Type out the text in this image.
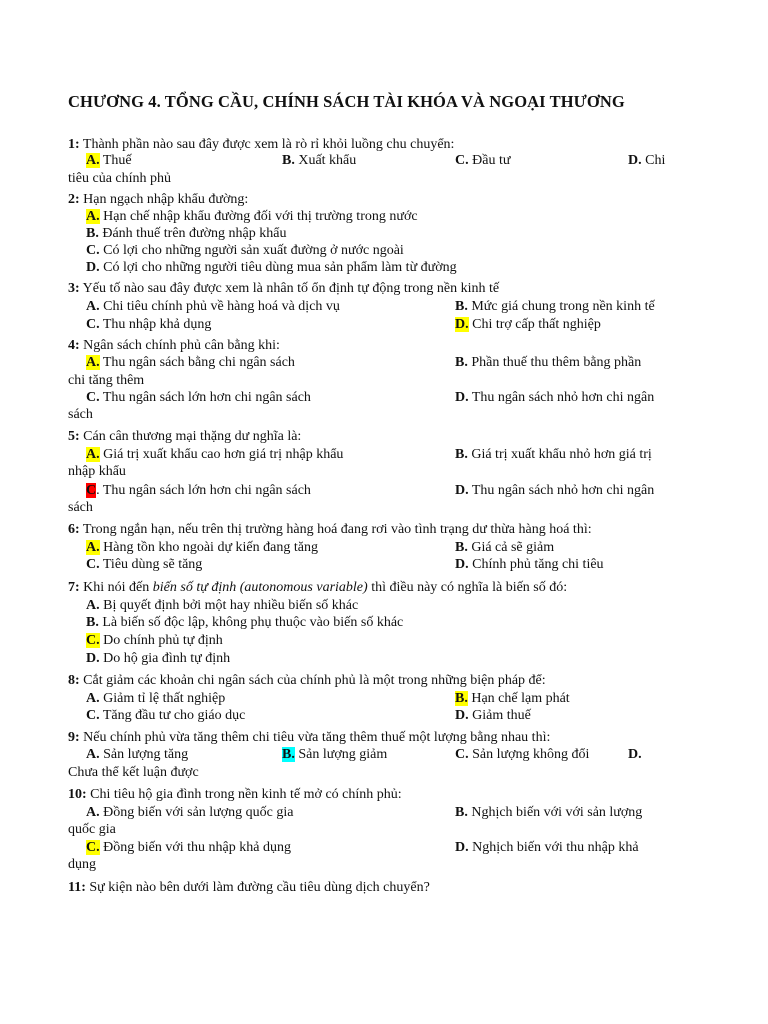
CHƯƠNG 4. TỔNG CẦU, CHÍNH SÁCH TÀI KHÓA VÀ NGOẠI THƯƠNG
1: Thành phần nào sau đây được xem là rò rỉ khỏi luồng chu chuyển:
A. Thuế	B. Xuất khẩu	C. Đầu tư	D. Chi
tiêu của chính phủ
2: Hạn ngạch nhập khẩu đường:
A. Hạn chế nhập khẩu đường đối với thị trường trong nước
B. Đánh thuế trên đường nhập khẩu
C. Có lợi cho những người sản xuất đường ở nước ngoài
D. Có lợi cho những người tiêu dùng mua sản phẩm làm từ đường
3: Yếu tố nào sau đây được xem là nhân tố ổn định tự động trong nền kinh tế
A. Chi tiêu chính phủ về hàng hoá và dịch vụ	B. Mức giá chung trong nền kinh tế
C. Thu nhập khả dụng	D. Chi trợ cấp thất nghiệp
4: Ngân sách chính phủ cân bằng khi:
A. Thu ngân sách bằng chi ngân sách	B. Phần thuế thu thêm bằng phần
chi tăng thêm
C. Thu ngân sách lớn hơn chi ngân sách	D. Thu ngân sách nhỏ hơn chi ngân
sách
5: Cán cân thương mại thặng dư nghĩa là:
A. Giá trị xuất khẩu cao hơn giá trị nhập khẩu	B. Giá trị xuất khẩu nhỏ hơn giá trị
nhập khẩu
C. Thu ngân sách lớn hơn chi ngân sách	D. Thu ngân sách nhỏ hơn chi ngân
sách
6: Trong ngắn hạn, nếu trên thị trường hàng hoá đang rơi vào tình trạng dư thừa hàng hoá thì:
A. Hàng tồn kho ngoài dự kiến đang tăng	B. Giá cả sẽ giảm
C. Tiêu dùng sẽ tăng	D. Chính phủ tăng chi tiêu
7: Khi nói đến biến số tự định (autonomous variable) thì điều này có nghĩa là biến số đó:
A. Bị quyết định bởi một hay nhiều biến số khác
B. Là biến số độc lập, không phụ thuộc vào biến số khác
C. Do chính phủ tự định
D. Do hộ gia đình tự định
8: Cắt giảm các khoản chi ngân sách của chính phủ là một trong những biện pháp để:
A. Giảm tỉ lệ thất nghiệp	B. Hạn chế lạm phát
C. Tăng đầu tư cho giáo dục	D. Giảm thuế
9: Nếu chính phủ vừa tăng thêm chi tiêu vừa tăng thêm thuế một lượng bằng nhau thì:
A. Sản lượng tăng	B. Sản lượng giảm	C. Sản lượng không đổi	D.
Chưa thể kết luận được
10: Chi tiêu hộ gia đình trong nền kinh tế mở có chính phủ:
A. Đồng biến với sản lượng quốc gia	B. Nghịch biến với với sản lượng
quốc gia
C. Đồng biến với thu nhập khả dụng	D. Nghịch biến với thu nhập khả
dụng
11: Sự kiện nào bên dưới làm đường cầu tiêu dùng dịch chuyển?
